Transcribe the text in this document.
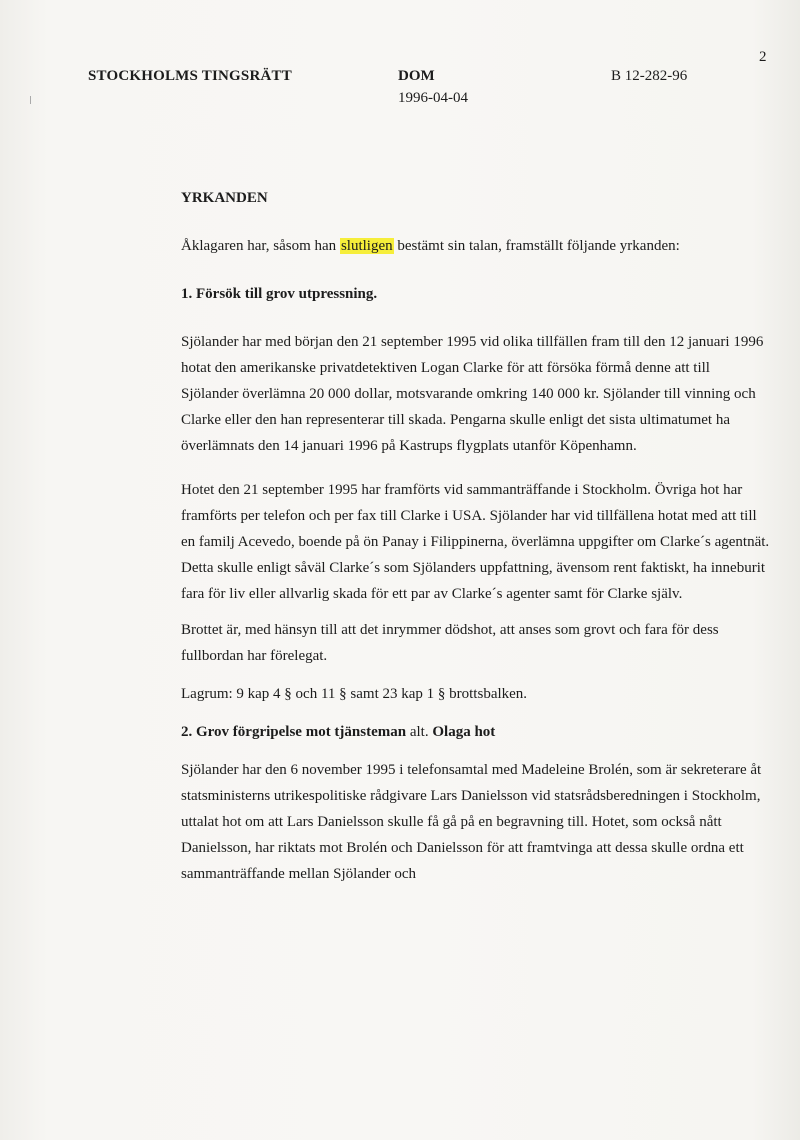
2
STOCKHOLMS TINGSRÄTT	DOM
1996-04-04
B 12-282-96

YRKANDEN

Åklagaren har, såsom han slutligen bestämt sin talan, framställt följande yrkanden:

1. Försök till grov utpressning.

Sjölander har med början den 21 september 1995 vid olika tillfällen fram till den 12 januari 1996 hotat den amerikanske privatdetektiven Logan Clarke för att försöka förmå denne att till Sjölander överlämna 20 000 dollar, motsvarande omkring 140 000 kr. Sjölander till vinning och Clarke eller den han representerar till skada. Pengarna skulle enligt det sista ultimatumet ha överlämnats den 14 januari 1996 på Kastrups flygplats utanför Köpenhamn.

Hotet den 21 september 1995 har framförts vid sammanträffande i Stockholm. Övriga hot har framförts per telefon och per fax till Clarke i USA. Sjölander har vid tillfällena hotat med att till en familj Acevedo, boende på ön Panay i Filippinerna, överlämna uppgifter om Clarke´s agentnät. Detta skulle enligt såväl Clarke´s som Sjölanders uppfattning, ävensom rent faktiskt, ha inneburit fara för liv eller allvarlig skada för ett par av Clarke´s agenter samt för Clarke själv.

Brottet är, med hänsyn till att det inrymmer dödshot, att anses som grovt och fara för dess fullbordan har förelegat.

Lagrum: 9 kap 4 § och 11 § samt 23 kap 1 § brottsbalken.

2. Grov förgripelse mot tjänsteman alt. Olaga hot

Sjölander har den 6 november 1995 i telefonsamtal med Madeleine Brolén, som är sekreterare åt statsministerns utrikespolitiske rådgivare Lars Danielsson vid statsrådsberedningen i Stockholm, uttalat hot om att Lars Danielsson skulle få gå på en begravning till. Hotet, som också nått Danielsson, har riktats mot Brolén och Danielsson för att framtvinga att dessa skulle ordna ett sammanträffande mellan Sjölander och
